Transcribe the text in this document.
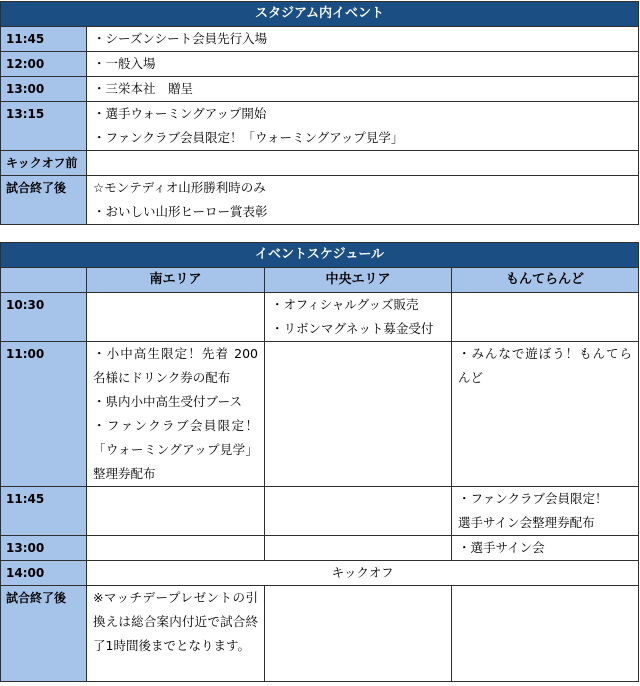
スタジアム内イベント	
11:45	・シーズンシート会員先行入場

12:00	・一般入場

13:00	・三栄本社　贈呈

13:15	・選手ウォーミングアップ開始
・ファンクラブ会員限定！「ウォーミングアップ見学」

キックオフ前	
試合終了後	☆モンテディオ山形勝利時のみ
・おいしい山形ヒーロー賞表彰
イベントスケジュール			
	南エリア	中央エリア	もんてらんど
10:30		・オフィシャルグッズ販売
・リボンマグネット募金受付	

11:00	・小中高生限定！先着 200名様にドリンク券の配布
・県内小中高生受付ブース
・ファンクラブ会員限定！「ウォーミングアップ見学」整理券配布		・みんなで遊ぼう！もんてらんど

11:45			・ファンクラブ会員限定！
選手サイン会整理券配布

13:00			・選手サイン会

14:00	キックオフ		
試合終了後	※マッチデープレゼントの引換えは総合案内付近で試合終了1時間後までとなります。		
